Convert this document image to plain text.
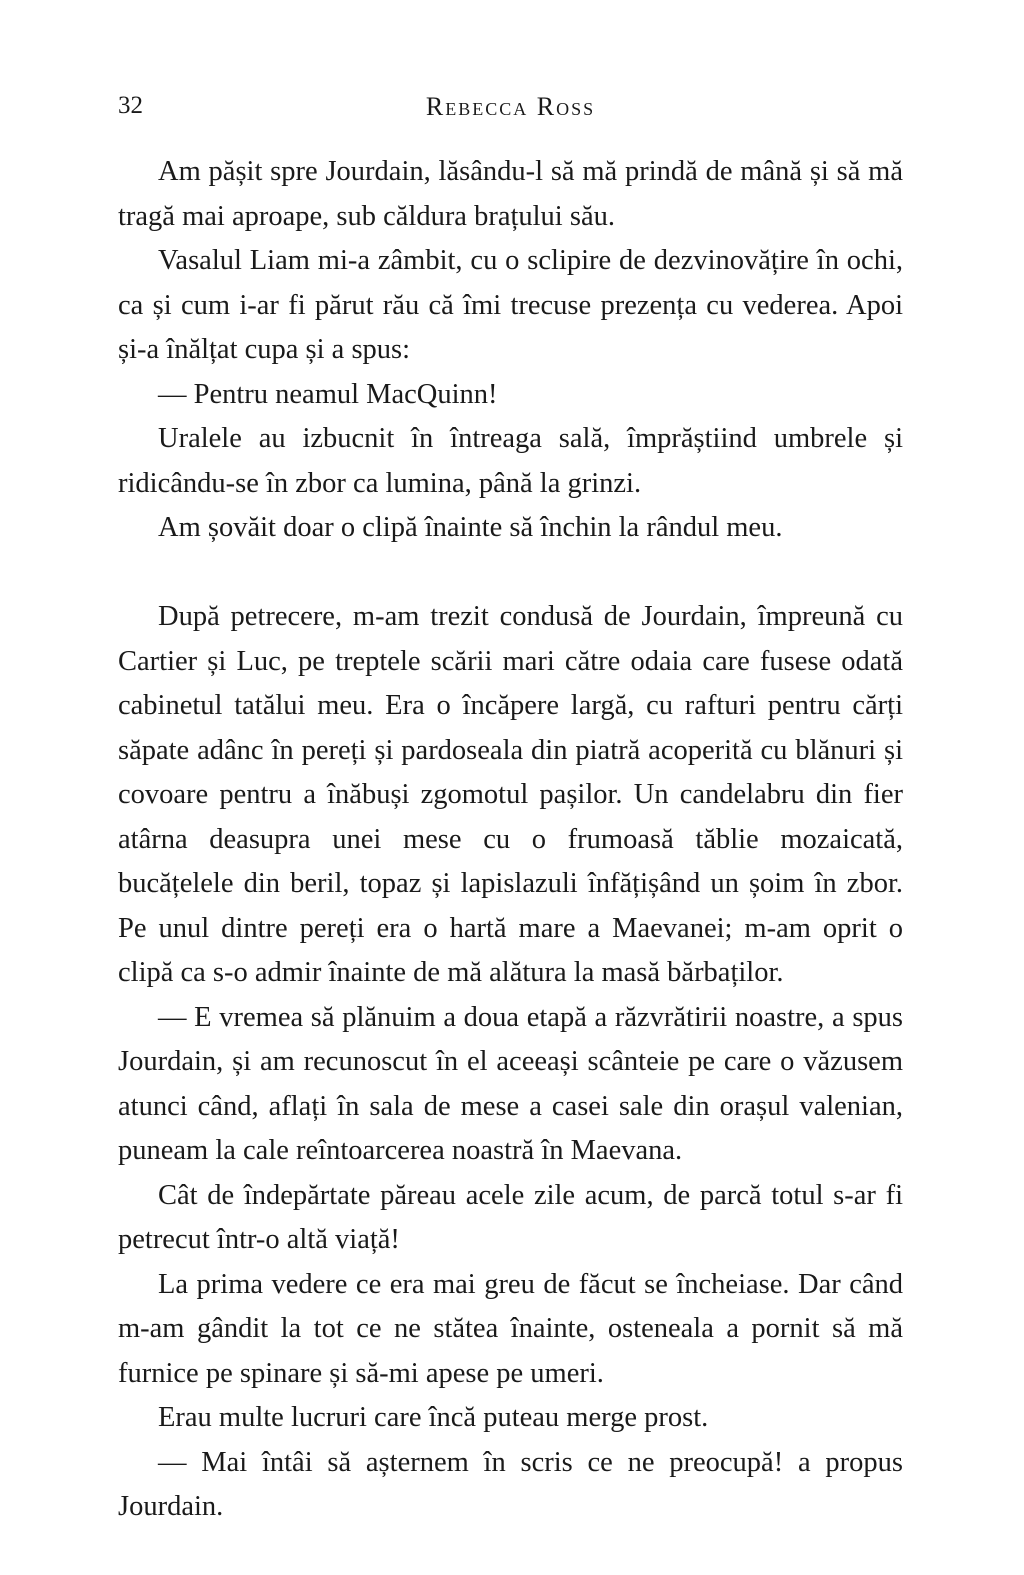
32	Rebecca Ross

Am pășit spre Jourdain, lăsându-l să mă prindă de mână și să mă tragă mai aproape, sub căldura brațului său.

Vasalul Liam mi-a zâmbit, cu o sclipire de dezvinovățire în ochi, ca și cum i-ar fi părut rău că îmi trecuse prezența cu vederea. Apoi și-a înălțat cupa și a spus:

— Pentru neamul MacQuinn!

Uralele au izbucnit în întreaga sală, împrăștiind umbrele și ridicându-se în zbor ca lumina, până la grinzi.

Am șovăit doar o clipă înainte să închin la rândul meu.

După petrecere, m-am trezit condusă de Jourdain, împreună cu Cartier și Luc, pe treptele scării mari către odaia care fusese odată cabinetul tatălui meu. Era o încăpere largă, cu rafturi pentru cărți săpate adânc în pereți și pardoseala din piatră acoperită cu blănuri și covoare pentru a înăbuși zgomotul pașilor. Un candelabru din fier atârna deasupra unei mese cu o frumoasă tăblie mozaicată, bucățelele din beril, topaz și lapislazuli înfățișând un șoim în zbor. Pe unul dintre pereți era o hartă mare a Maevanei; m-am oprit o clipă ca s-o admir înainte de mă alătura la masă bărbaților.

— E vremea să plănuim a doua etapă a răzvrătirii noastre, a spus Jourdain, și am recunoscut în el aceeași scânteie pe care o văzusem atunci când, aflați în sala de mese a casei sale din orașul valenian, puneam la cale reîntoarcerea noastră în Maevana.

Cât de îndepărtate păreau acele zile acum, de parcă totul s-ar fi petrecut într-o altă viață!

La prima vedere ce era mai greu de făcut se încheiase. Dar când m-am gândit la tot ce ne stătea înainte, osteneala a pornit să mă furnice pe spinare și să-mi apese pe umeri.

Erau multe lucruri care încă puteau merge prost.

— Mai întâi să așternem în scris ce ne preocupă! a propus Jourdain.
